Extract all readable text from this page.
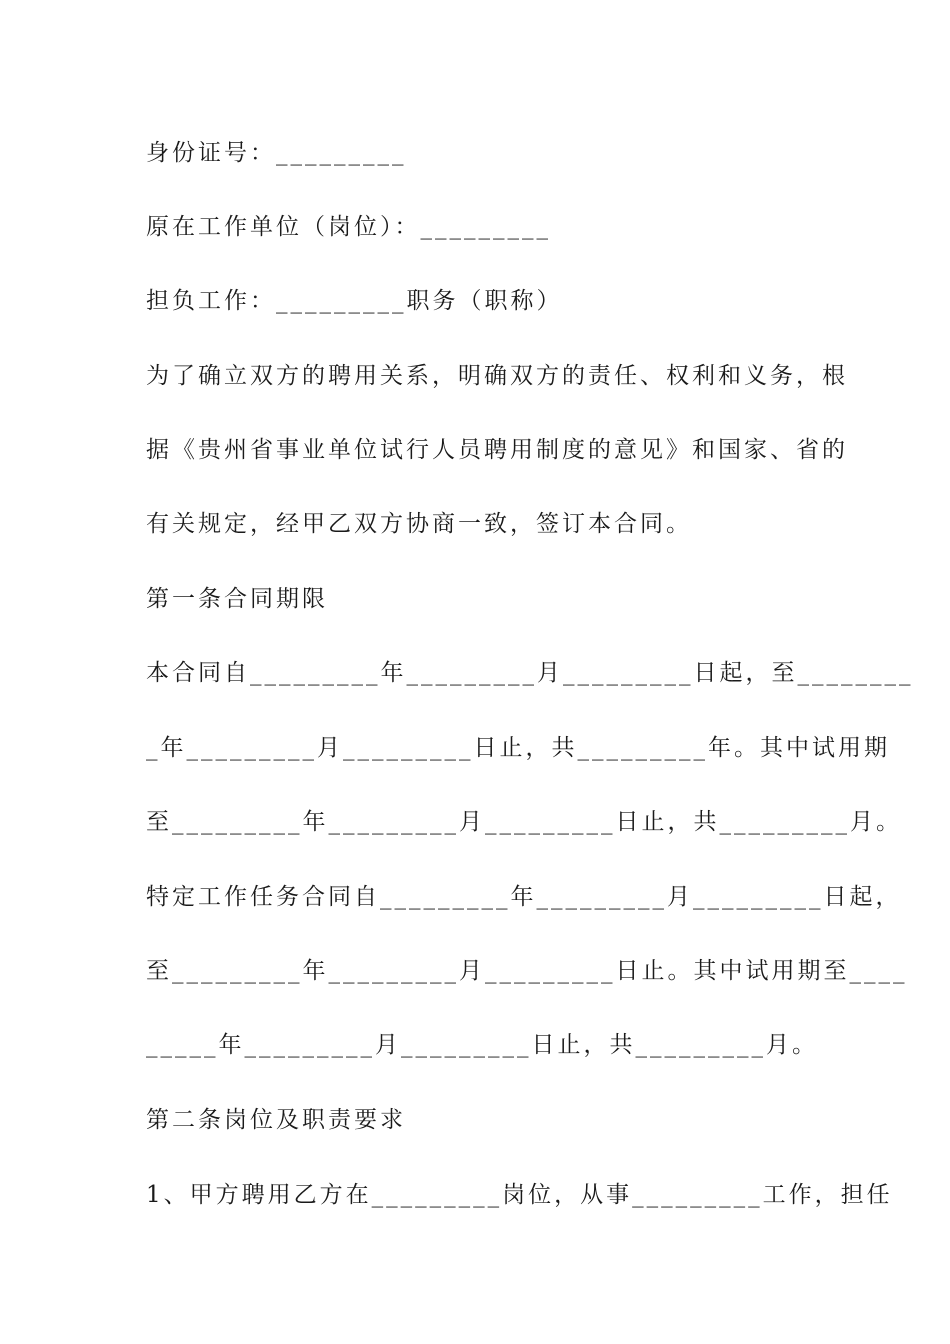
身份证号：_________
原在工作单位（岗位）：_________
担负工作：_________职务（职称）
为了确立双方的聘用关系，明确双方的责任、权利和义务，根
据《贵州省事业单位试行人员聘用制度的意见》和国家、省的
有关规定，经甲乙双方协商一致，签订本合同。
第一条合同期限
本合同自_________年_________月_________日起，至________
_年_________月_________日止，共_________年。其中试用期
至_________年_________月_________日止，共_________月。
特定工作任务合同自_________年_________月_________日起，
至_________年_________月_________日止。其中试用期至____
_____年_________月_________日止，共_________月。
第二条岗位及职责要求
1、甲方聘用乙方在_________岗位，从事_________工作，担任
